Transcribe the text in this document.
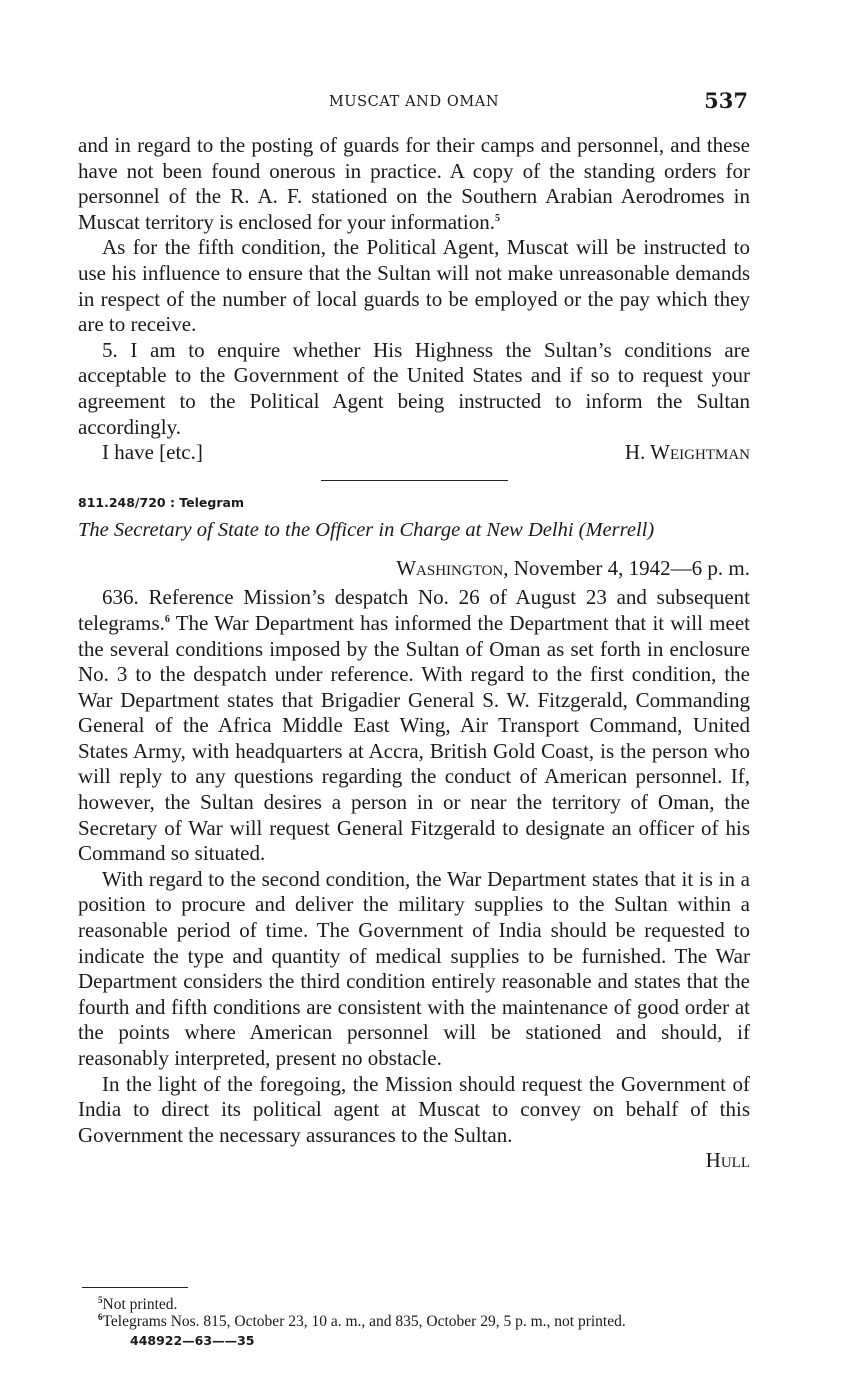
MUSCAT AND OMAN	537

and in regard to the posting of guards for their camps and personnel, and these have not been found onerous in practice. A copy of the standing orders for personnel of the R. A. F. stationed on the Southern Arabian Aerodromes in Muscat territory is enclosed for your information.$^5$

As for the fifth condition, the Political Agent, Muscat will be instructed to use his influence to ensure that the Sultan will not make unreasonable demands in respect of the number of local guards to be employed or the pay which they are to receive.

5. I am to enquire whether His Highness the Sultan’s conditions are acceptable to the Government of the United States and if so to request your agreement to the Political Agent being instructed to inform the Sultan accordingly.

I have [etc.]	H. Weightman
811.248/720 : Telegram
The Secretary of State to the Officer in Charge at New Delhi (Merrell)
Washington, November 4, 1942—6 p. m.

636. Reference Mission’s despatch No. 26 of August 23 and subsequent telegrams.$^6$ The War Department has informed the Department that it will meet the several conditions imposed by the Sultan of Oman as set forth in enclosure No. 3 to the despatch under reference. With regard to the first condition, the War Department states that Brigadier General S. W. Fitzgerald, Commanding General of the Africa Middle East Wing, Air Transport Command, United States Army, with headquarters at Accra, British Gold Coast, is the person who will reply to any questions regarding the conduct of American personnel. If, however, the Sultan desires a person in or near the territory of Oman, the Secretary of War will request General Fitzgerald to designate an officer of his Command so situated.

With regard to the second condition, the War Department states that it is in a position to procure and deliver the military supplies to the Sultan within a reasonable period of time. The Government of India should be requested to indicate the type and quantity of medical supplies to be furnished. The War Department considers the third condition entirely reasonable and states that the fourth and fifth conditions are consistent with the maintenance of good order at the points where American personnel will be stationed and should, if reasonably interpreted, present no obstacle.

In the light of the foregoing, the Mission should request the Government of India to direct its political agent at Muscat to convey on behalf of this Government the necessary assurances to the Sultan.

Hull

$^5$Not printed.

$^6$Telegrams Nos. 815, October 23, 10 a. m., and 835, October 29, 5 p. m., not printed.

448922—63——35
